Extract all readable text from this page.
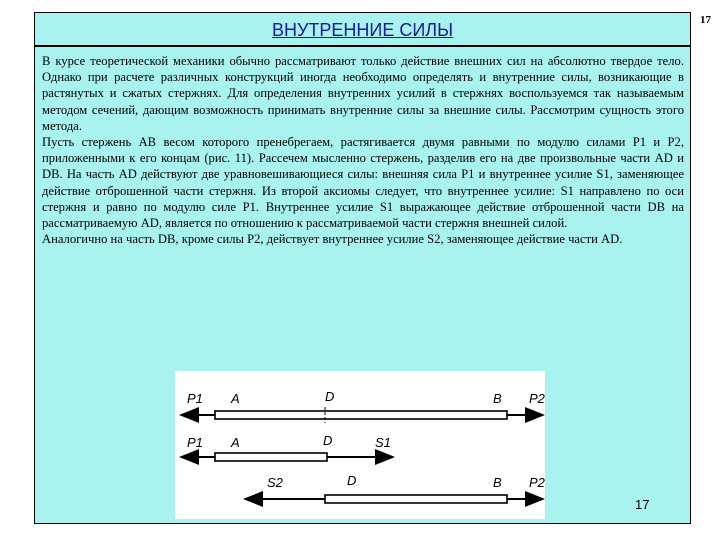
17
ВНУТРЕННИЕ СИЛЫ

В курсе теоретической механики обычно рассматривают только действие внешних сил на абсолютно твердое тело. Однако при расчете различных конструкций иногда необходимо определять и внутренние силы, возникающие в растянутых и сжатых стержнях. Для определения внутренних усилий в стержнях воспользуемся так называемым методом сечений, дающим возможность принимать внутренние силы за внешние силы. Рассмотрим сущность этого метода.

Пусть стержень AB весом которого пренебрегаем, растягивается двумя равными по модулю силами P1 и P2, приложенными к его концам (рис. 11). Рассечем мысленно стержень, разделив его на две произвольные части AD и DB. На часть AD действуют две уравновешивающиеся силы: внешняя сила P1 и внутреннее усилие S1, заменяющее действие отброшенной части стержня. Из второй аксиомы следует, что внутреннее усилие: S1 направлено по оси стержня и равно по модулю силе P1. Внутреннее усилие S1 выражающее действие отброшенной части DB на рассматриваемую AD, является по отношению к рассматриваемой части стержня внешней силой.

Аналогично на часть DB, кроме силы P2, действует внутреннее усилие S2, заменяющее действие части AD.

P1 A	D	B P2
P1 A	D	S1
S2	D	B P2
17
